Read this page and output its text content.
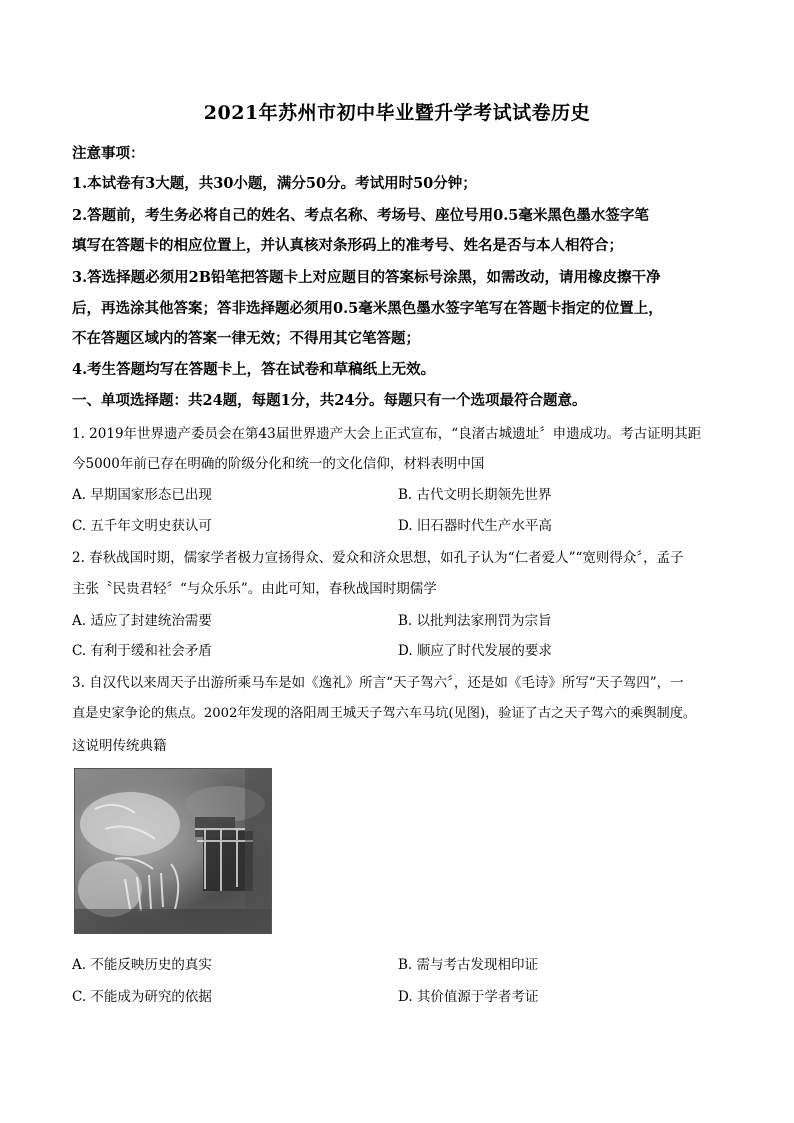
2021年苏州市初中毕业暨升学考试试卷历史
注意事项：
1.本试卷有3大题，共30小题，满分50分。考试用时50分钟；
2.答题前，考生务必将自己的姓名、考点名称、考场号、座位号用0.5毫米黑色墨水签字笔
填写在答题卡的相应位置上，并认真核对条形码上的准考号、姓名是否与本人相符合；
3.答选择题必须用2B铅笔把答题卡上对应题目的答案标号涂黑，如需改动，请用橡皮擦干净
后，再选涂其他答案；答非选择题必须用0.5毫米黑色墨水签字笔写在答题卡指定的位置上，
不在答题区域内的答案一律无效；不得用其它笔答题；
4.考生答题均写在答题卡上，答在试卷和草稿纸上无效。
一、单项选择题：共24题，每题1分，共24分。每题只有一个选项最符合题意。
1. 2019年世界遗产委员会在第43届世界遗产大会上正式宣布，“良渚古城遗址〞申遗成功。考古证明其距
今5000年前已存在明确的阶级分化和统一的文化信仰，材料表明中国
A. 早期国家形态已出现	B. 古代文明长期领先世界
C. 五千年文明史获认可	D. 旧石器时代生产水平高
2. 春秋战国时期，儒家学者极力宣扬得众、爱众和济众思想，如孔子认为“仁者爱人”“宽则得众〞，孟子
主张〝民贵君轻〞“与众乐乐”。由此可知，春秋战国时期儒学
A. 适应了封建统治需要	B. 以批判法家刑罚为宗旨
C. 有利于缓和社会矛盾	D. 顺应了时代发展的要求
3. 自汉代以来周天子出游所乘马车是如《逸礼》所言“天子驾六〞，还是如《毛诗》所写“天子驾四”，一
直是史家争论的焦点。2002年发现的洛阳周王城天子驾六车马坑(见图)，验证了古之天子驾六的乘舆制度。
这说明传统典籍
A. 不能反映历史的真实	B. 需与考古发现相印证
C. 不能成为研究的依据	D. 其价值源于学者考证
